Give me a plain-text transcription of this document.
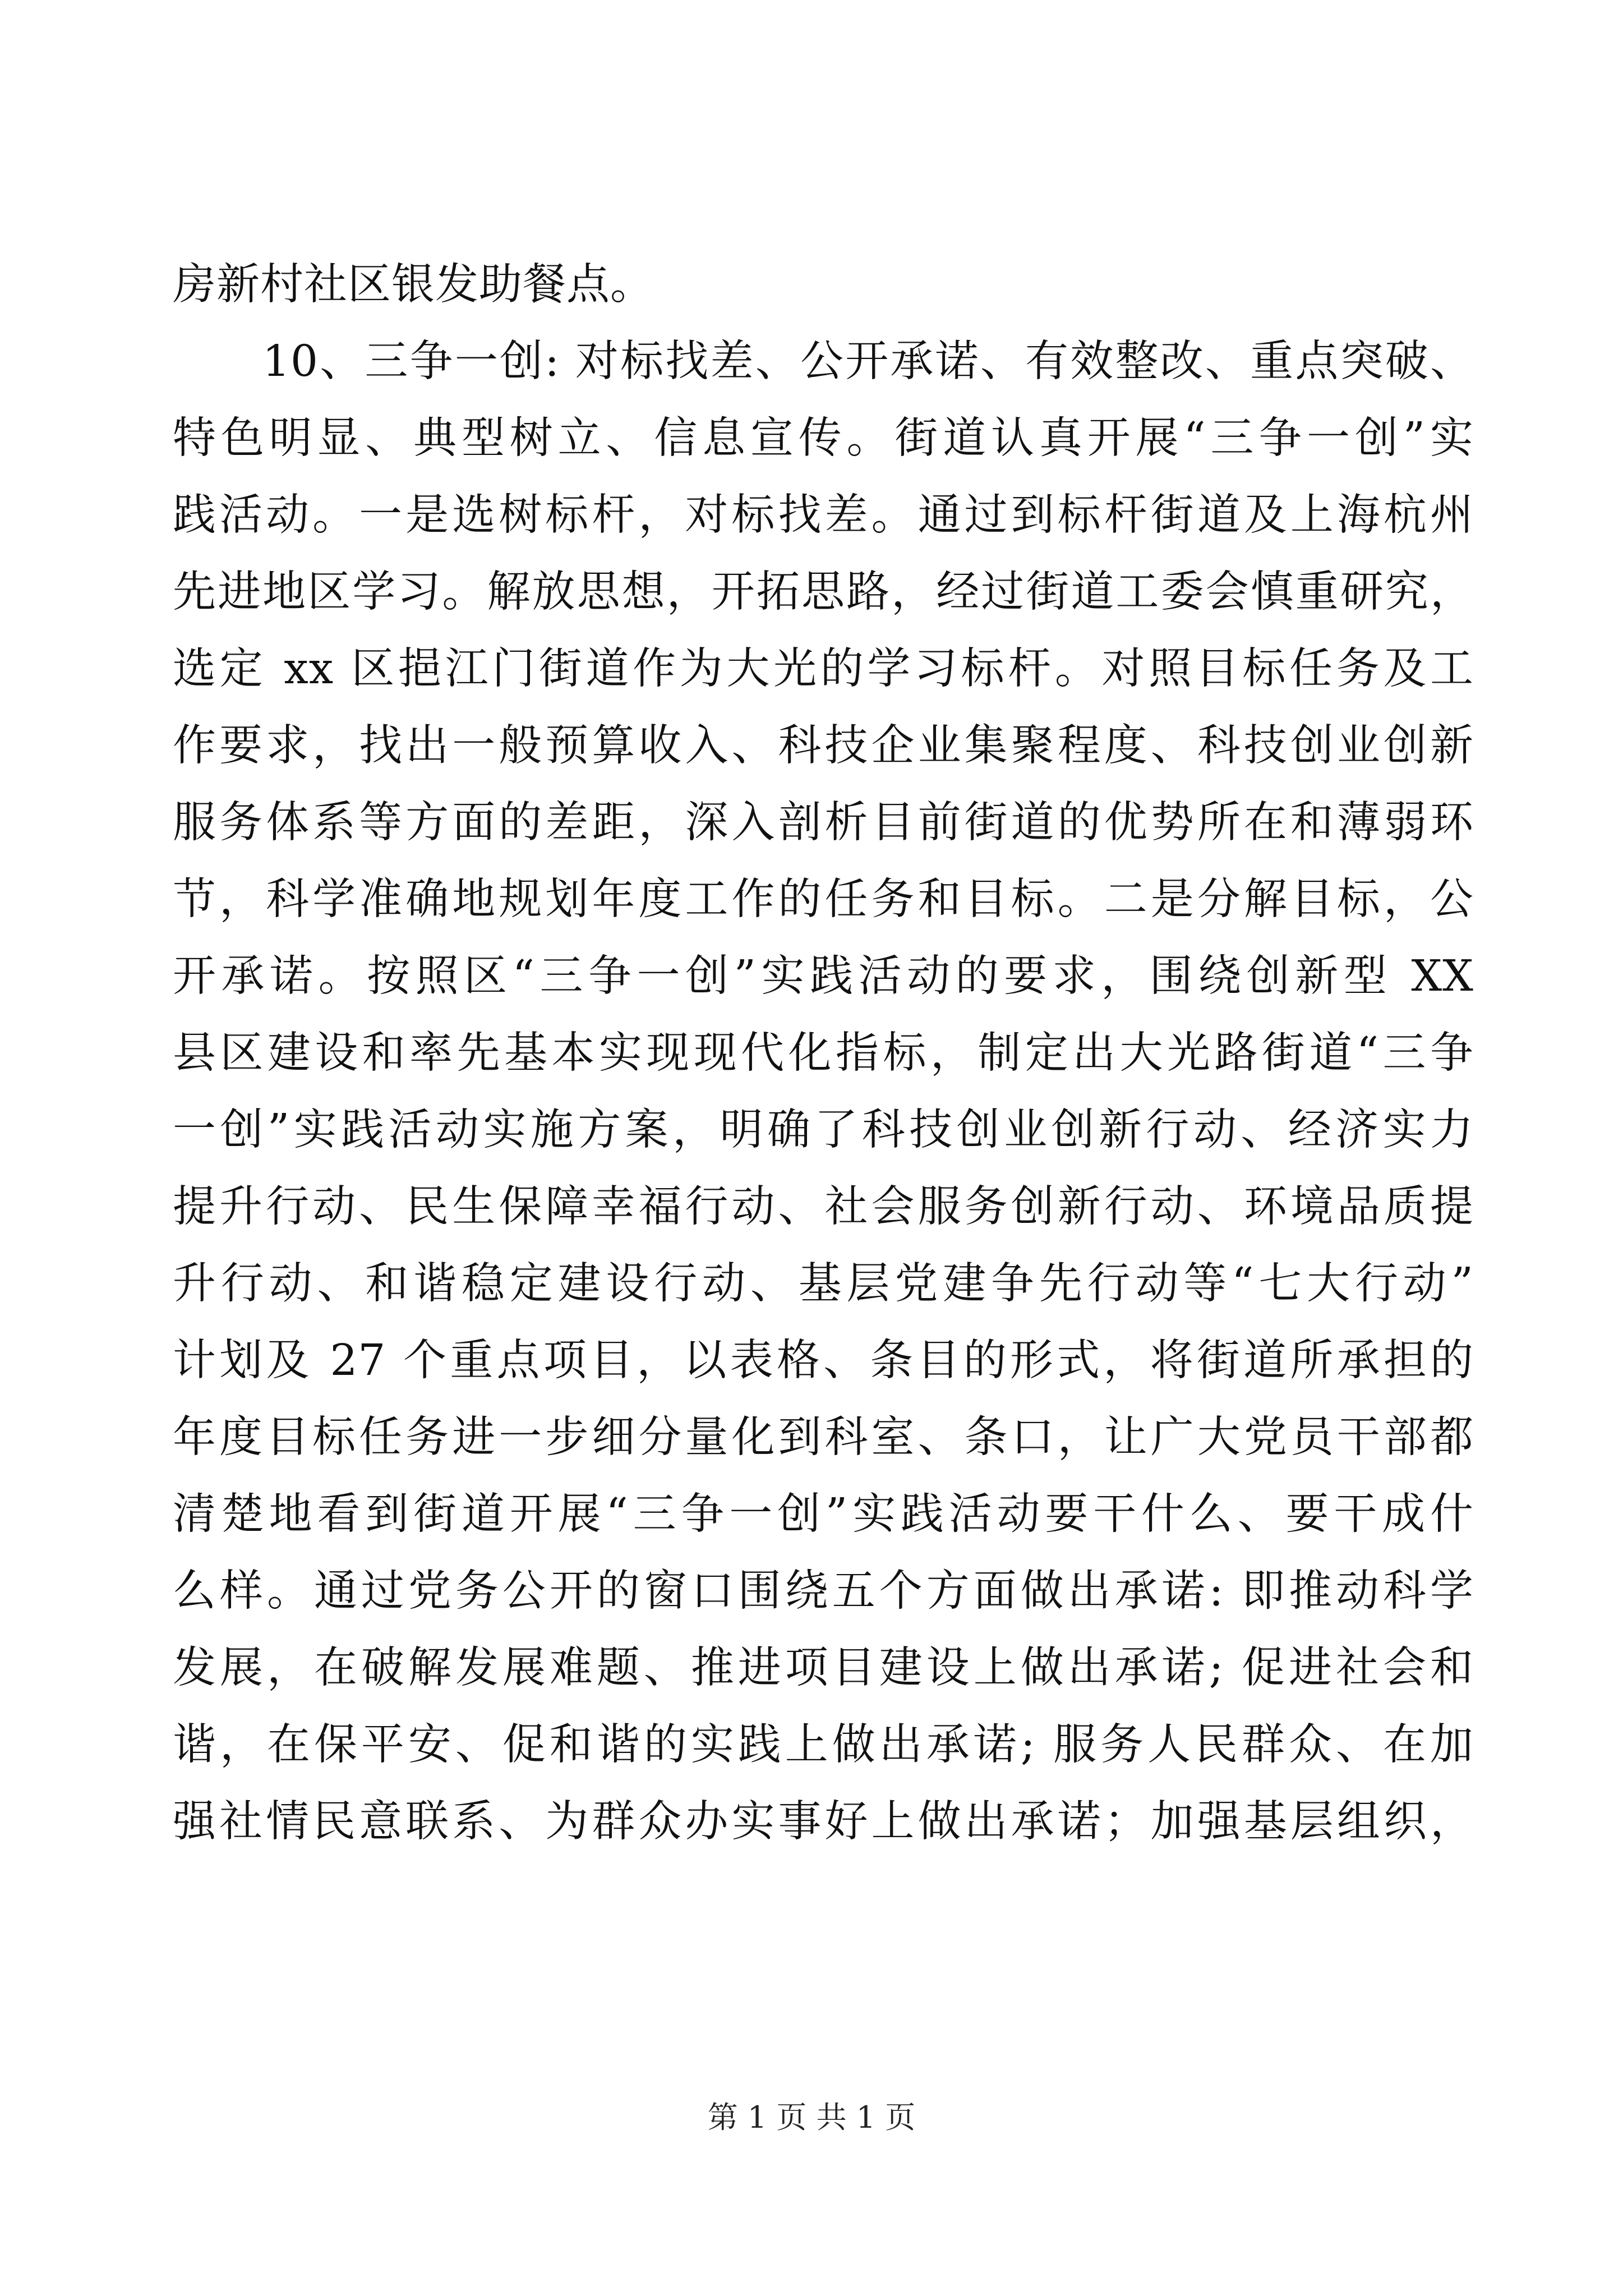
房新村社区银发助餐点。
10、三争一创: 对标找差、公开承诺、有效整改、重点突破、
特色明显、典型树立、信息宣传。街道认真开展“三争一创”实
践活动。一是选树标杆，对标找差。通过到标杆街道及上海杭州
先进地区学习。解放思想，开拓思路，经过街道工委会慎重研究，
选定 xx 区挹江门街道作为大光的学习标杆。对照目标任务及工
作要求，找出一般预算收入、科技企业集聚程度、科技创业创新
服务体系等方面的差距，深入剖析目前街道的优势所在和薄弱环
节，科学准确地规划年度工作的任务和目标。二是分解目标，公
开承诺。按照区“三争一创”实践活动的要求，围绕创新型 XX
县区建设和率先基本实现现代化指标，制定出大光路街道“三争
一创”实践活动实施方案，明确了科技创业创新行动、经济实力
提升行动、民生保障幸福行动、社会服务创新行动、环境品质提
升行动、和谐稳定建设行动、基层党建争先行动等“七大行动”
计划及 27 个重点项目，以表格、条目的形式，将街道所承担的
年度目标任务进一步细分量化到科室、条口，让广大党员干部都
清楚地看到街道开展“三争一创”实践活动要干什么、要干成什
么样。通过党务公开的窗口围绕五个方面做出承诺: 即推动科学
发展，在破解发展难题、推进项目建设上做出承诺; 促进社会和
谐，在保平安、促和谐的实践上做出承诺; 服务人民群众、在加
强社情民意联系、为群众办实事好上做出承诺；加强基层组织，
第 1 页 共 1 页
